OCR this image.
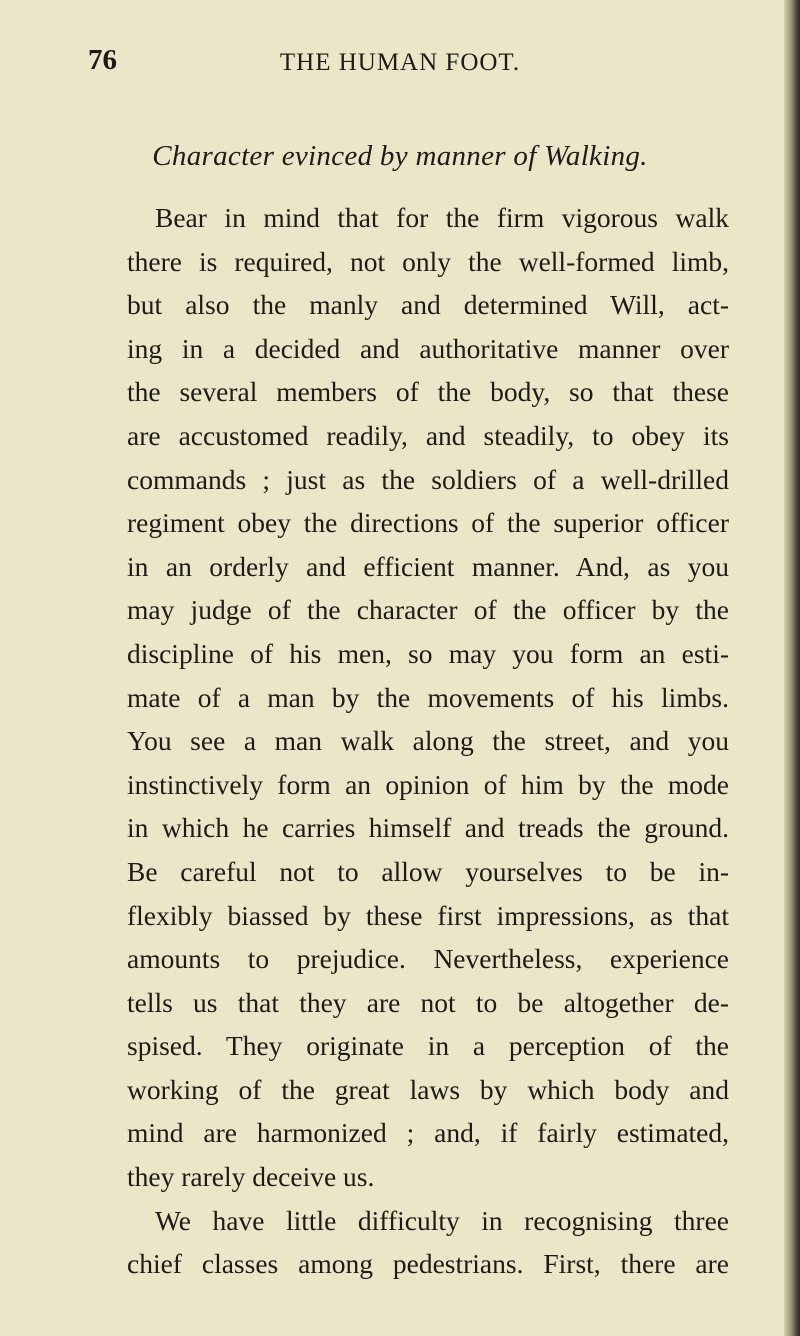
76	THE HUMAN FOOT.
Character evinced by manner of Walking.
Bear in mind that for the firm vigorous walk
there is required, not only the well-formed limb,
but also the manly and determined Will, act-
ing in a decided and authoritative manner over
the several members of the body, so that these
are accustomed readily, and steadily, to obey its
commands ; just as the soldiers of a well-drilled
regiment obey the directions of the superior officer
in an orderly and efficient manner. And, as you
may judge of the character of the officer by the
discipline of his men, so may you form an esti-
mate of a man by the movements of his limbs.
You see a man walk along the street, and you
instinctively form an opinion of him by the mode
in which he carries himself and treads the ground.
Be careful not to allow yourselves to be in-
flexibly biassed by these first impressions, as that
amounts to prejudice. Nevertheless, experience
tells us that they are not to be altogether de-
spised. They originate in a perception of the
working of the great laws by which body and
mind are harmonized ; and, if fairly estimated,
they rarely deceive us.
We have little difficulty in recognising three
chief classes among pedestrians. First, there are
